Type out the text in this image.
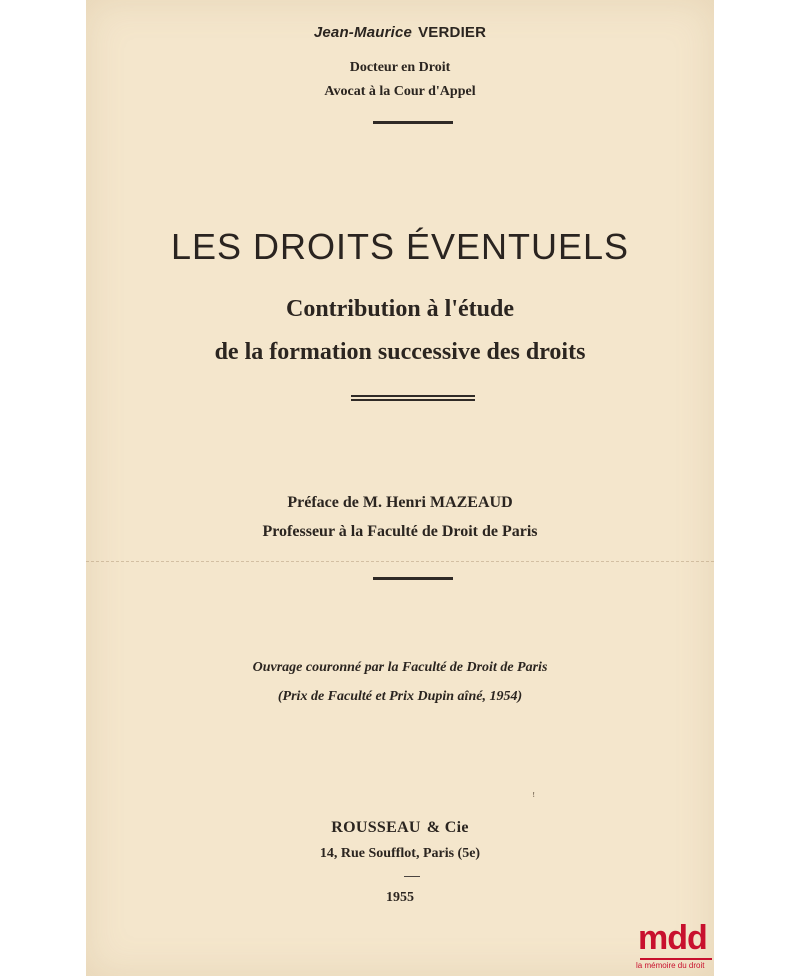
Jean-Maurice VERDIER
Docteur en Droit
Avocat à la Cour d'Appel
LES DROITS ÉVENTUELS
Contribution à l'étude
de la formation successive des droits
Préface de M. Henri MAZEAUD
Professeur à la Faculté de Droit de Paris
Ouvrage couronné par la Faculté de Droit de Paris
(Prix de Faculté et Prix Dupin aîné, 1954)
ꜝ
ROUSSEAU & Cie
14, Rue Soufflot, Paris (5e)
1955
mdd
la mémoire du droit
